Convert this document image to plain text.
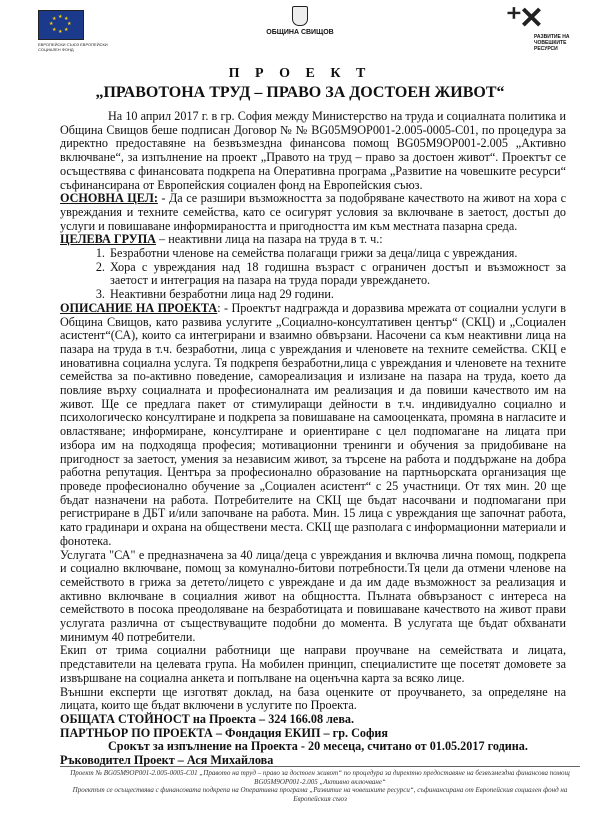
★ ★
★
★
★
★
★
★
ЕВРОПЕЙСКИ СЪЮЗ ЕВРОПЕЙСКИ СОЦИАЛЕН ФОНД
ОБЩИНА СВИЩОВ	⁺✕
РАЗВИТИЕ НА ЧОВЕШКИТЕ РЕСУРСИ
П Р О Е К Т
„ПРАВОТОНА ТРУД – ПРАВО ЗА ДОСТОЕН ЖИВОТ“

На 10 април 2017 г. в гр. София между Министерство на труда и социалната политика и Община Свищов беше подписан Договор № № BG05M9OP001-2.005-0005-C01, по процедура за директно предоставяне на безвъзмездна финансова помощ BG05M9OP001-2.005 „Активно включване“, за изпълнение на проект „Правото на труд – право за достоен живот“. Проектът се осъществява с финансовата подкрепа на Оперативна програма „Развитие на човешките ресурси“ съфинансирана от Европейския социален фонд на Европейския съюз.

ОСНОВНА ЦЕЛ: - Да се разшири възможността за подобряване качеството на живот на хора с увреждания и техните семейства, като се осигурят условия за включване в заетост, достъп до услуги и повишаване информираността и пригодността им към местната пазарна среда.

ЦЕЛЕВА ГРУПА – неактивни лица на пазара на труда в т. ч.:

1. Безработни членове на семейства полагащи грижи за деца/лица с увреждания.
2. Хора с увреждания над 18 годишна възраст с ограничен достъп и възможност за заетост и интеграция на пазара на труда поради увреждането.
3. Неактивни безработни лица над 29 години.

ОПИСАНИЕ НА ПРОЕКТА: - Проектът надгражда и доразвива мрежата от социални услуги в Община Свищов, като развива услугите „Социално-консултативен център“ (СКЦ) и „Социален асистент“(СА), които са интегрирани и взаимно обвързани. Насочени са към неактивни лица на пазара на труда в т.ч. безработни, лица с увреждания и членовете на техните семейства. СКЦ е иновативна социална услуга. Тя подкрепя безработни,лица с увреждания и членовете на техните семейства за по-активно поведение, самореализация и излизане на пазара на труда, което да повлияе върху социалната и професионалната им реализация и да повиши качеството им на живот. Ще се предлага пакет от стимулиращи дейности в т.ч. индивидуално социално и психологическо консултиране и подкрепа за повишаване на самооценката, промяна в нагласите и овластяване; информиране, консултиране и ориентиране с цел подпомагане на лицата при избора им на подходяща професия; мотивационни тренинги и обучения за придобиване на пригодност за заетост, умения за независим живот, за търсене на работа и поддържане на добра работна репутация. Центъра за професионално образование на партньорската организация ще проведе професионално обучение за „Социален асистент“ с 25 участници. От тях мин. 20 ще бъдат назначени на работа. Потребителите на СКЦ ще бъдат насочвани и подпомагани при регистриране в ДБТ и/или започване на работа. Мин. 15 лица с увреждания ще започнат работа, като градинари и охрана на обществени места. СКЦ ще разполага с информационни материали и фонотека.

Услугата "СА" е предназначена за 40 лица/деца с увреждания и включва лична помощ, подкрепа и социално включване, помощ за комунално-битови потребности.Тя цели да отмени членове на семейството в грижа за детето/лицето с увреждане и да им даде възможност за реализация и активно включване в социалния живот на общността. Пълната обвързаност с интереса на семейството в посока преодоляване на безработицата и повишаване качеството на живот прави услугата различна от съществуващите подобни до момента. В услугата ще бъдат обхванати минимум 40 потребители.

Екип от трима социални работници ще направи проучване на семействата и лицата, представители на целевата група. На мобилен принцип, специалистите ще посетят домовете за извършване на социална анкета и попълване на оценъчна карта за всяко лице.

Външни експерти ще изготвят доклад, на база оценките от проучването, за определяне на лицата, които ще бъдат включени в услугите по Проекта.

ОБЩАТА СТОЙНОСТ на Проекта – 324 166.08 лева.

ПАРТНЬОР ПО ПРОЕКТА – Фондация ЕКИП – гр. София

Срокът за изпълнение на Проекта - 20 месеца, считано от 01.05.2017 година.

Ръководител Проект – Ася Михайлова

Проект № BG05M9OP001-2.005-0005-C01 „Правото на труд – право за достоен живот“ по процедура за директно предоставяне на безвъзмездна финансова помощ BG05M9OP001-2.005 „Активно включване“
Проектът се осъществява с финансовата подкрепа на Оперативна програма „Развитие на човешките ресурси“, съфинансирана от Европейския социален фонд на Европейския съюз
